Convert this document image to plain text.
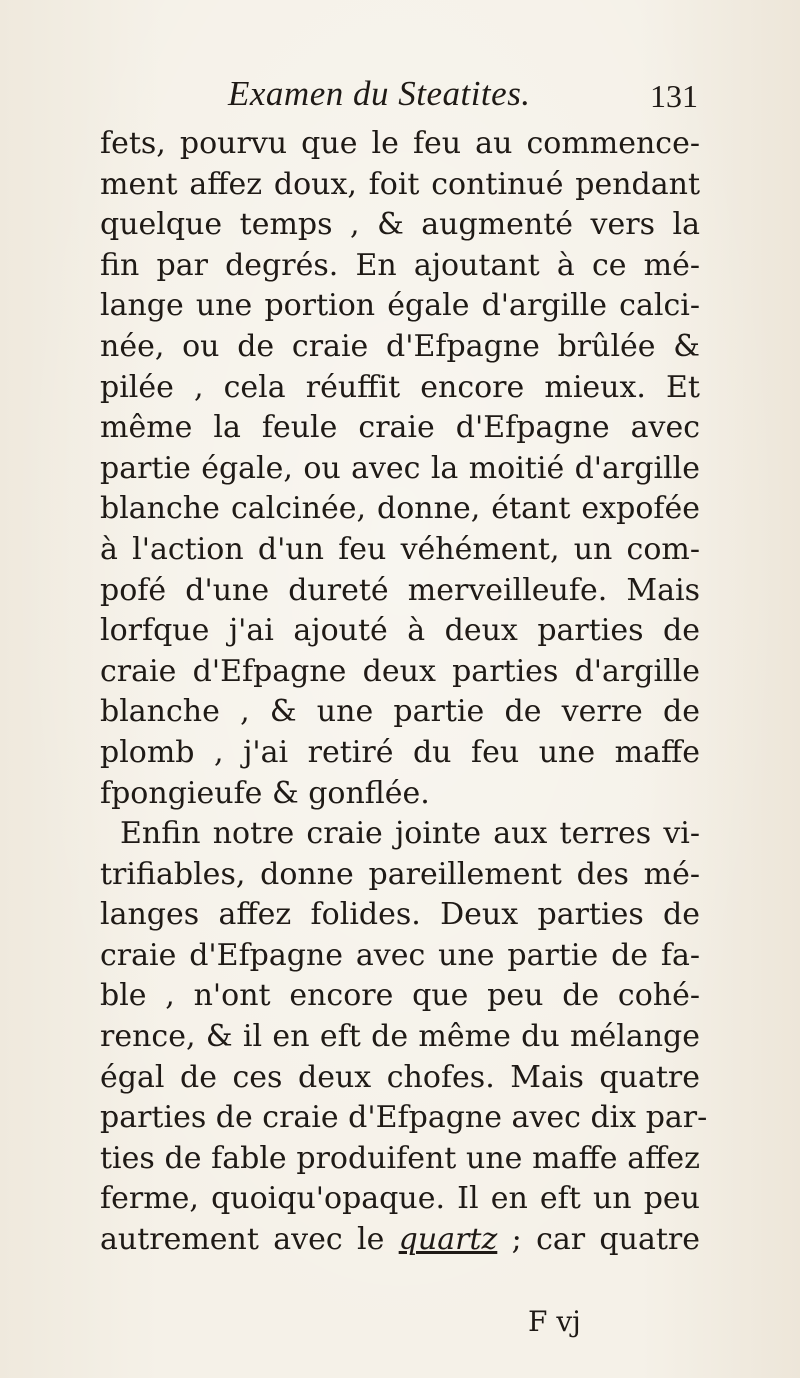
Examen du Steatites.	131
fets, pourvu que le feu au commence-
ment affez doux, foit continué pendant
quelque temps , & augmenté vers la
fin par degrés. En ajoutant à ce mé-
lange une portion égale d'argille calci-
née, ou de craie d'Efpagne brûlée &
pilée , cela réuffit encore mieux. Et
même la feule craie d'Efpagne avec
partie égale, ou avec la moitié d'argille
blanche calcinée, donne, étant expofée
à l'action d'un feu véhément, un com-
pofé d'une dureté merveilleufe. Mais
lorfque j'ai ajouté à deux parties de
craie d'Efpagne deux parties d'argille
blanche , & une partie de verre de
plomb , j'ai retiré du feu une maffe
fpongieufe & gonflée.
Enfin notre craie jointe aux terres vi-
trifiables, donne pareillement des mé-
langes affez folides. Deux parties de
craie d'Efpagne avec une partie de fa-
ble , n'ont encore que peu de cohé-
rence, & il en eft de même du mélange
égal de ces deux chofes. Mais quatre
parties de craie d'Efpagne avec dix par-
ties de fable produifent une maffe affez
ferme, quoiqu'opaque. Il en eft un peu
autrement avec le quartz ; car quatre
F vj
